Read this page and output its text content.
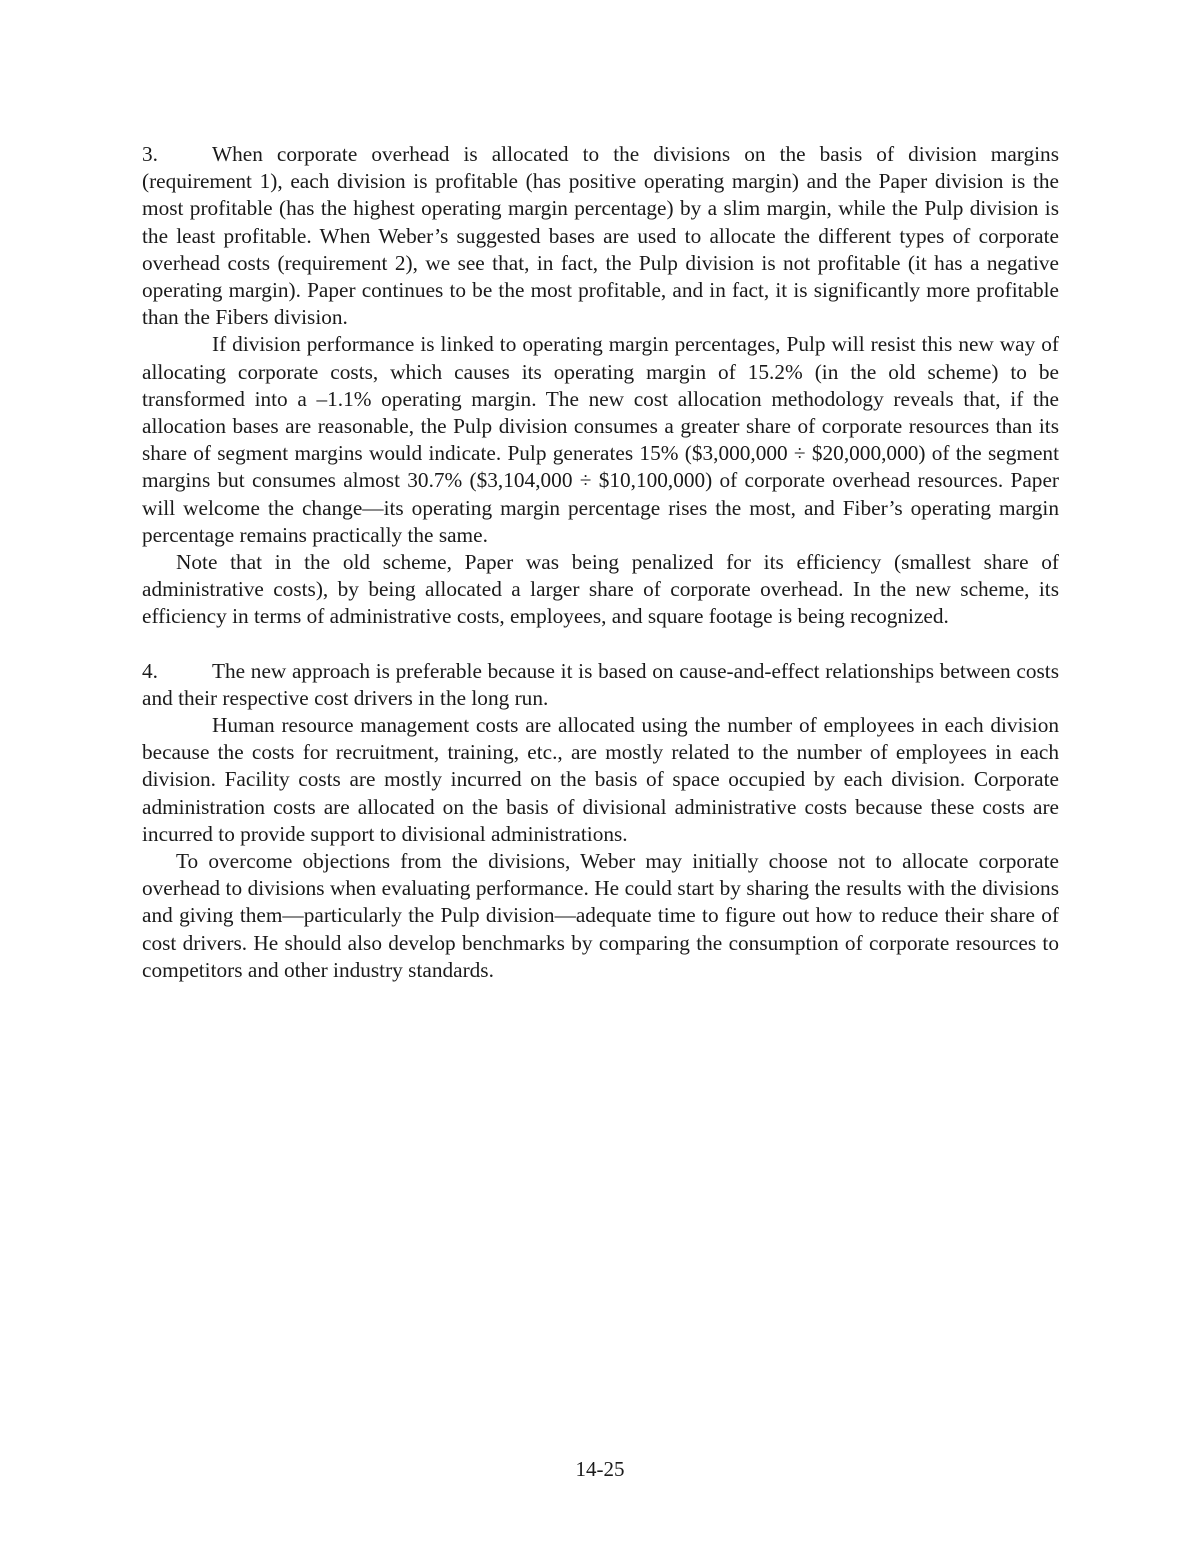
3.	When corporate overhead is allocated to the divisions on the basis of division margins (requirement 1), each division is profitable (has positive operating margin) and the Paper division is the most profitable (has the highest operating margin percentage) by a slim margin, while the Pulp division is the least profitable. When Weber’s suggested bases are used to allocate the different types of corporate overhead costs (requirement 2), we see that, in fact, the Pulp division is not profitable (it has a negative operating margin). Paper continues to be the most profitable, and in fact, it is significantly more profitable than the Fibers division.

If division performance is linked to operating margin percentages, Pulp will resist this new way of allocating corporate costs, which causes its operating margin of 15.2% (in the old scheme) to be transformed into a –1.1% operating margin. The new cost allocation methodology reveals that, if the allocation bases are reasonable, the Pulp division consumes a greater share of corporate resources than its share of segment margins would indicate. Pulp generates 15% ($3,000,000 ÷ $20,000,000) of the segment margins but consumes almost 30.7% ($3,104,000 ÷ $10,100,000) of corporate overhead resources. Paper will welcome the change—its operating margin percentage rises the most, and Fiber’s operating margin percentage remains practically the same.

Note that in the old scheme, Paper was being penalized for its efficiency (smallest share of administrative costs), by being allocated a larger share of corporate overhead. In the new scheme, its efficiency in terms of administrative costs, employees, and square footage is being recognized.

4.	The new approach is preferable because it is based on cause-and-effect relationships between costs and their respective cost drivers in the long run.

Human resource management costs are allocated using the number of employees in each division because the costs for recruitment, training, etc., are mostly related to the number of employees in each division. Facility costs are mostly incurred on the basis of space occupied by each division. Corporate administration costs are allocated on the basis of divisional administrative costs because these costs are incurred to provide support to divisional administrations.

To overcome objections from the divisions, Weber may initially choose not to allocate corporate overhead to divisions when evaluating performance. He could start by sharing the results with the divisions and giving them—particularly the Pulp division—adequate time to figure out how to reduce their share of cost drivers. He should also develop benchmarks by comparing the consumption of corporate resources to competitors and other industry standards.

14-25
